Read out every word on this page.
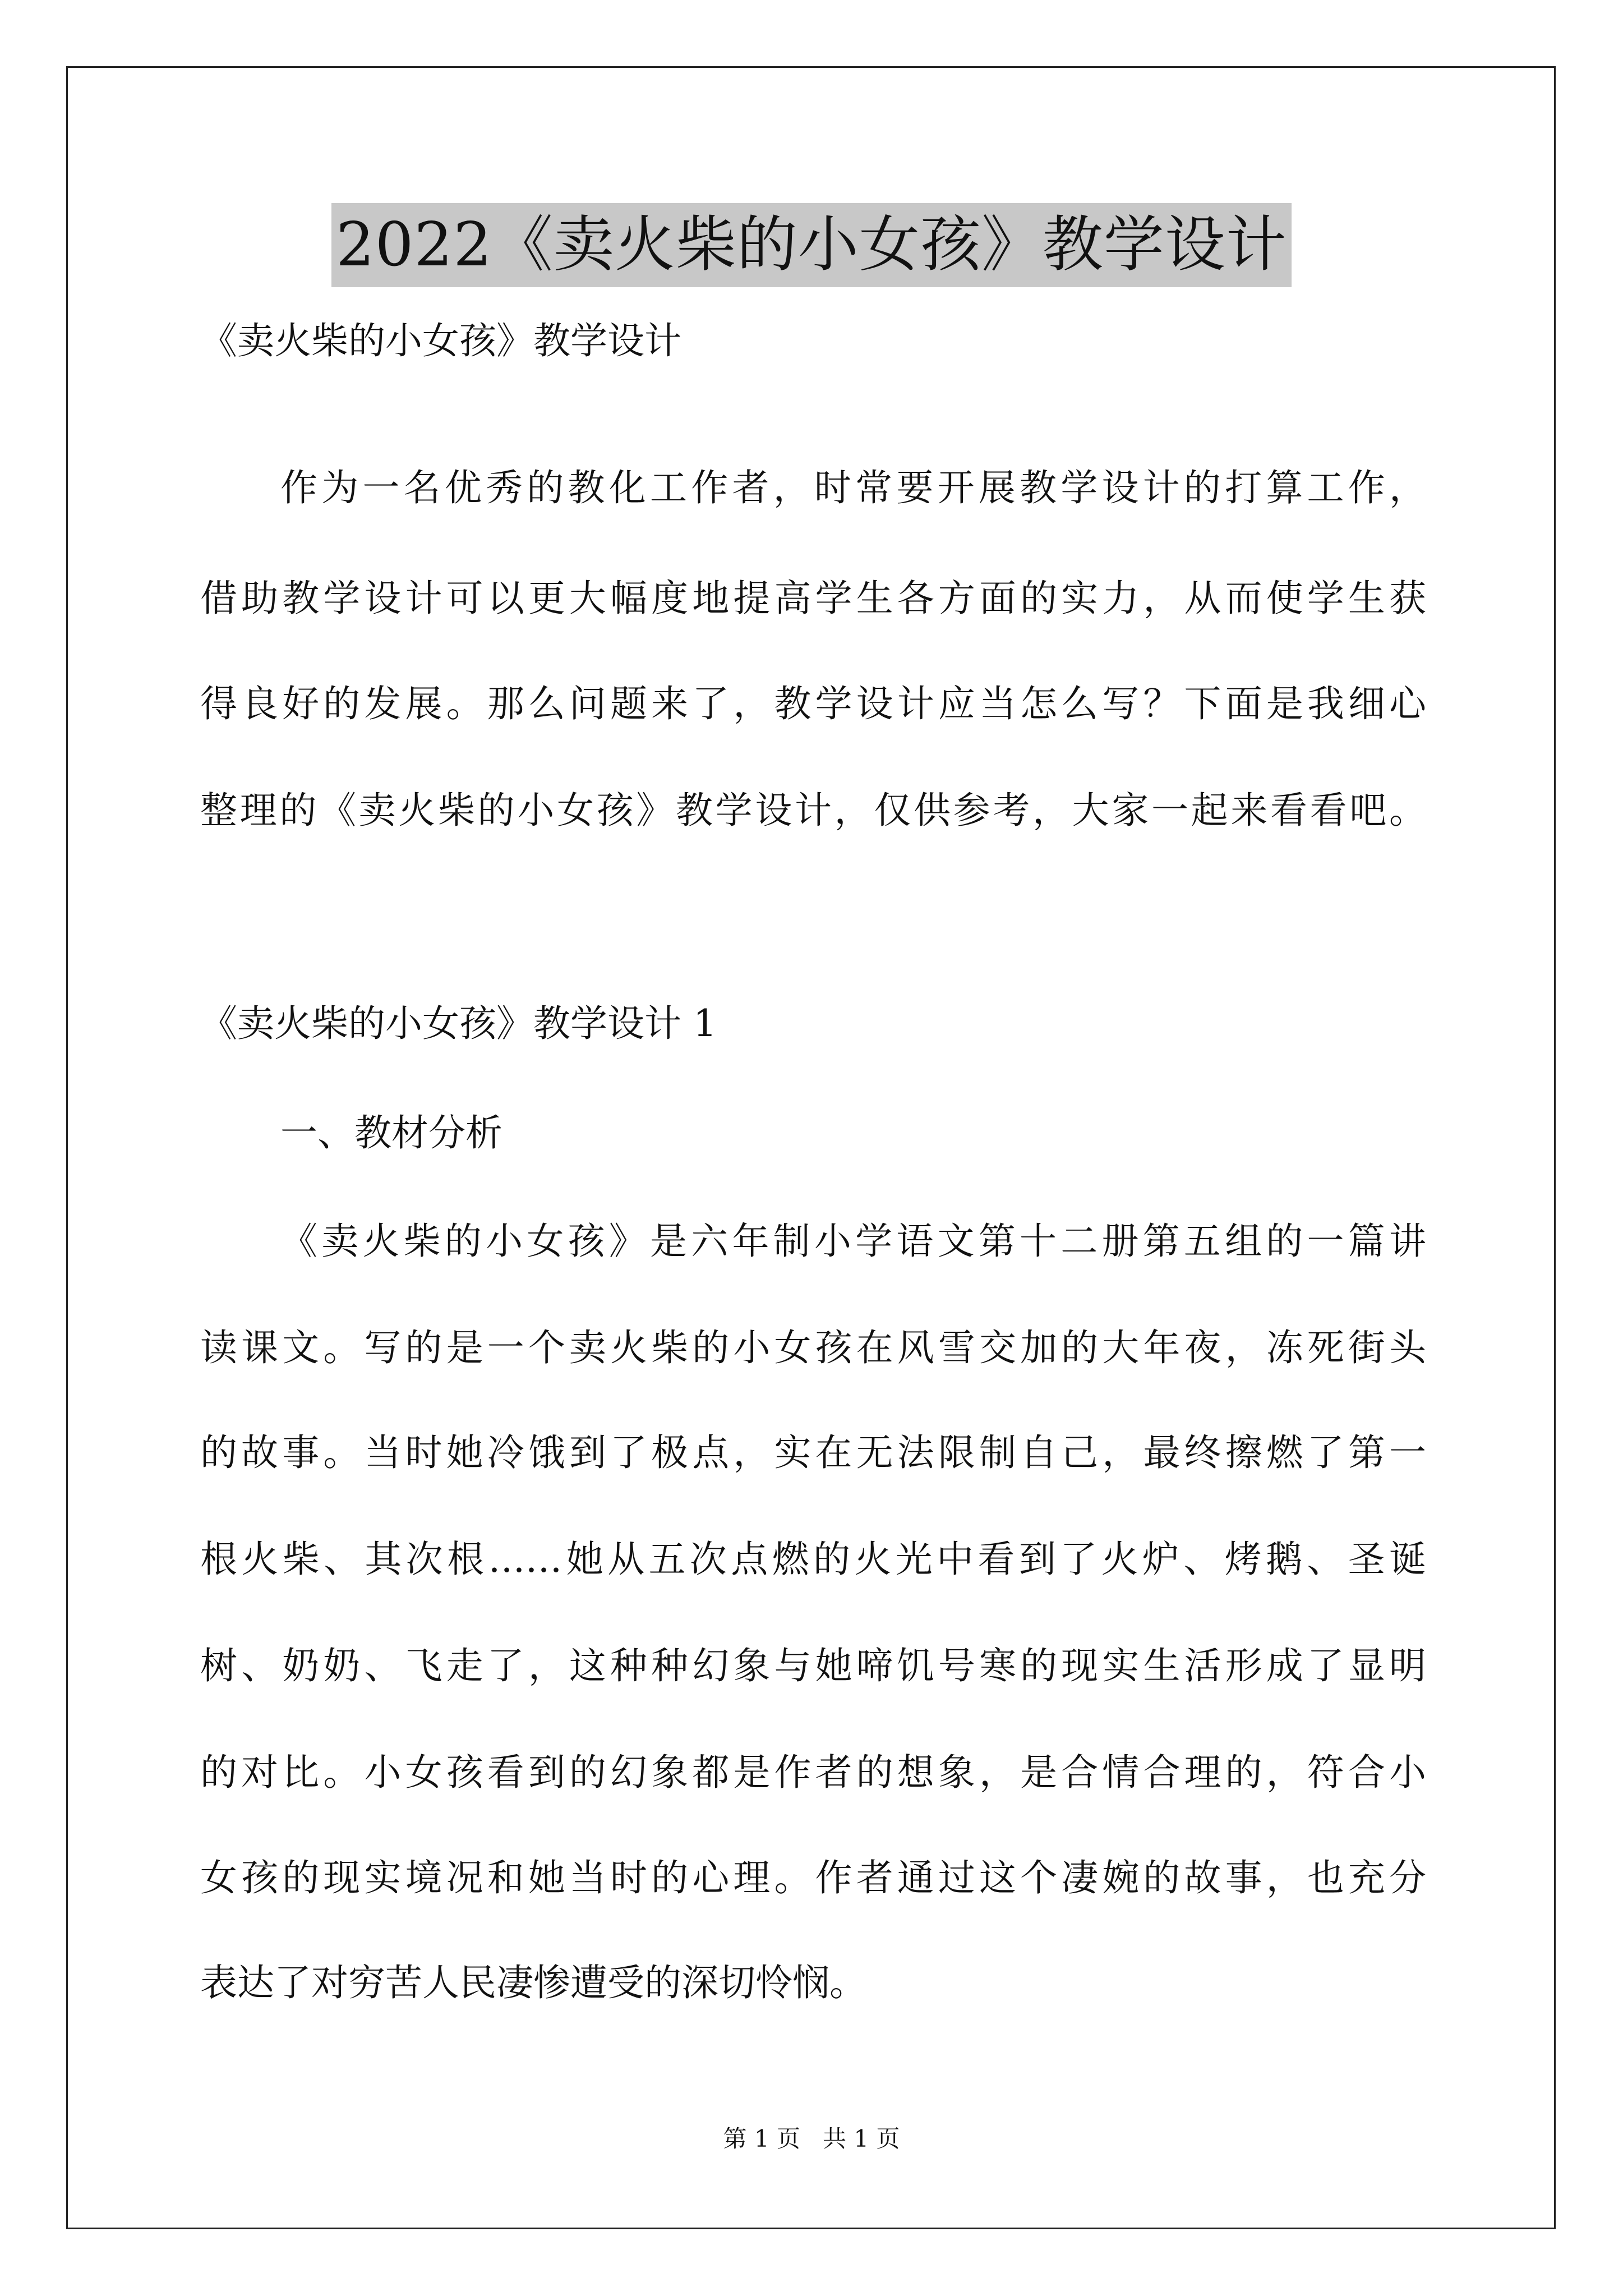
2022《卖火柴的小女孩》教学设计
《卖火柴的小女孩》教学设计
作为一名优秀的教化工作者，时常要开展教学设计的打算工作，
借助教学设计可以更大幅度地提高学生各方面的实力，从而使学生获
得良好的发展。那么问题来了，教学设计应当怎么写？下面是我细心
整理的《卖火柴的小女孩》教学设计，仅供参考，大家一起来看看吧。
《卖火柴的小女孩》教学设计 1
一、教材分析
《卖火柴的小女孩》是六年制小学语文第十二册第五组的一篇讲
读课文。写的是一个卖火柴的小女孩在风雪交加的大年夜，冻死街头
的故事。当时她冷饿到了极点，实在无法限制自己，最终擦燃了第一
根火柴、其次根……她从五次点燃的火光中看到了火炉、烤鹅、圣诞
树、奶奶、飞走了，这种种幻象与她啼饥号寒的现实生活形成了显明
的对比。小女孩看到的幻象都是作者的想象，是合情合理的，符合小
女孩的现实境况和她当时的心理。作者通过这个凄婉的故事，也充分
表达了对穷苦人民凄惨遭受的深切怜悯。
第 1 页   共 1 页
